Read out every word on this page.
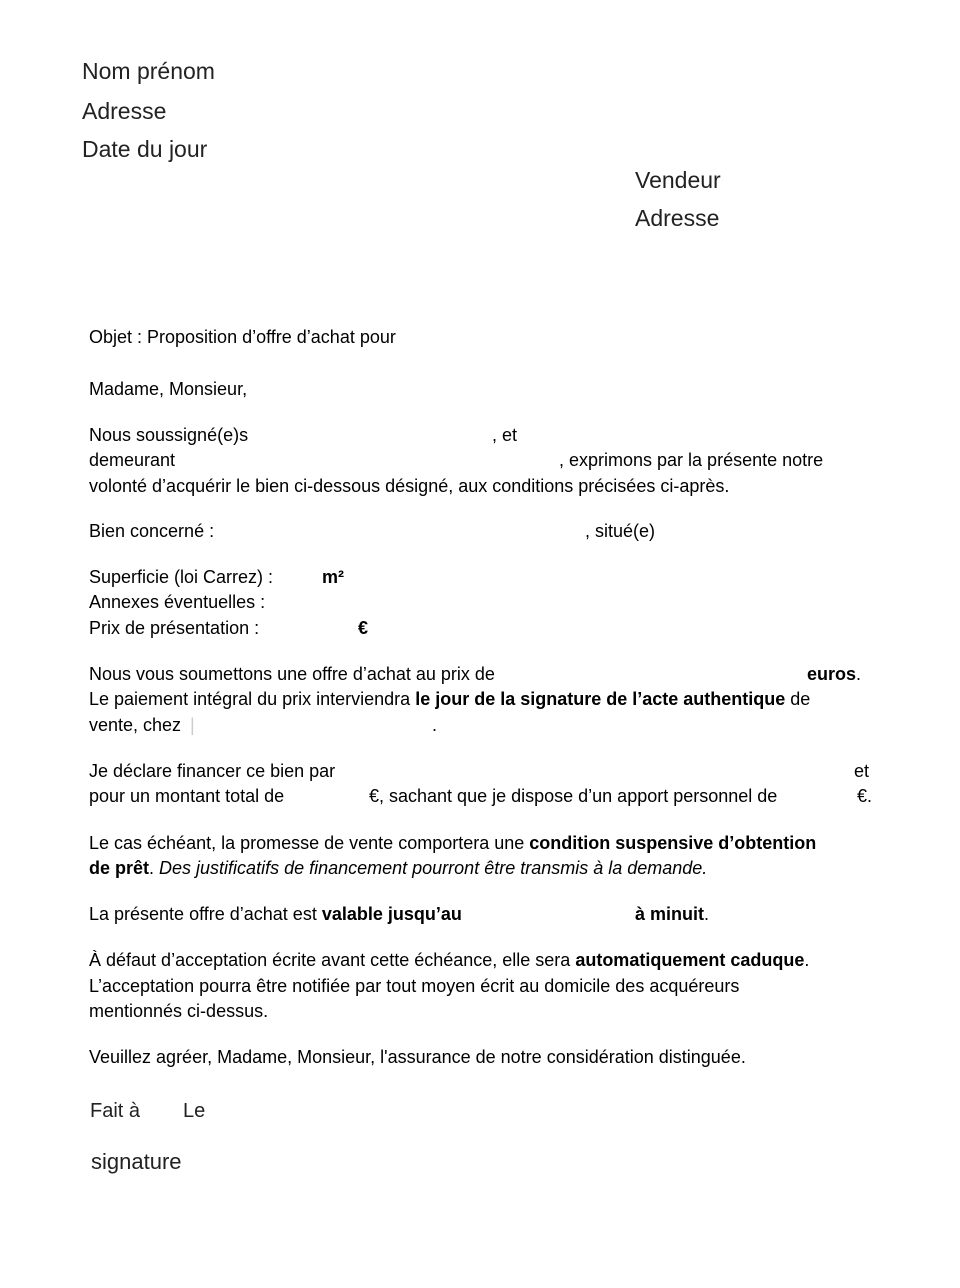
Nom prénom
Adresse
Date du jour
Vendeur
Adresse
Objet : Proposition d’offre d’achat pour
Madame, Monsieur,
Nous soussigné(e)s	, et
demeurant	, exprimons par la présente notre
volonté d’acquérir le bien ci-dessous désigné, aux conditions précisées ci-après.
Bien concerné :	, situé(e)
Superficie (loi Carrez) :	m²
Annexes éventuelles :
Prix de présentation :	€
Nous vous soumettons une offre d’achat au prix de	euros.
Le paiement intégral du prix interviendra le jour de la signature de l’acte authentique de
vente, chez |	.
Je déclare financer ce bien par	et
pour un montant total de	€, sachant que je dispose d’un apport personnel de	€.
Le cas échéant, la promesse de vente comportera une condition suspensive d’obtention
de prêt. Des justificatifs de financement pourront être transmis à la demande.
La présente offre d’achat est valable jusqu’au	à minuit.
À défaut d’acceptation écrite avant cette échéance, elle sera automatiquement caduque.
L’acceptation pourra être notifiée par tout moyen écrit au domicile des acquéreurs
mentionnés ci-dessus.
Veuillez agréer, Madame, Monsieur, l'assurance de notre considération distinguée.
Fait à Le
signature
